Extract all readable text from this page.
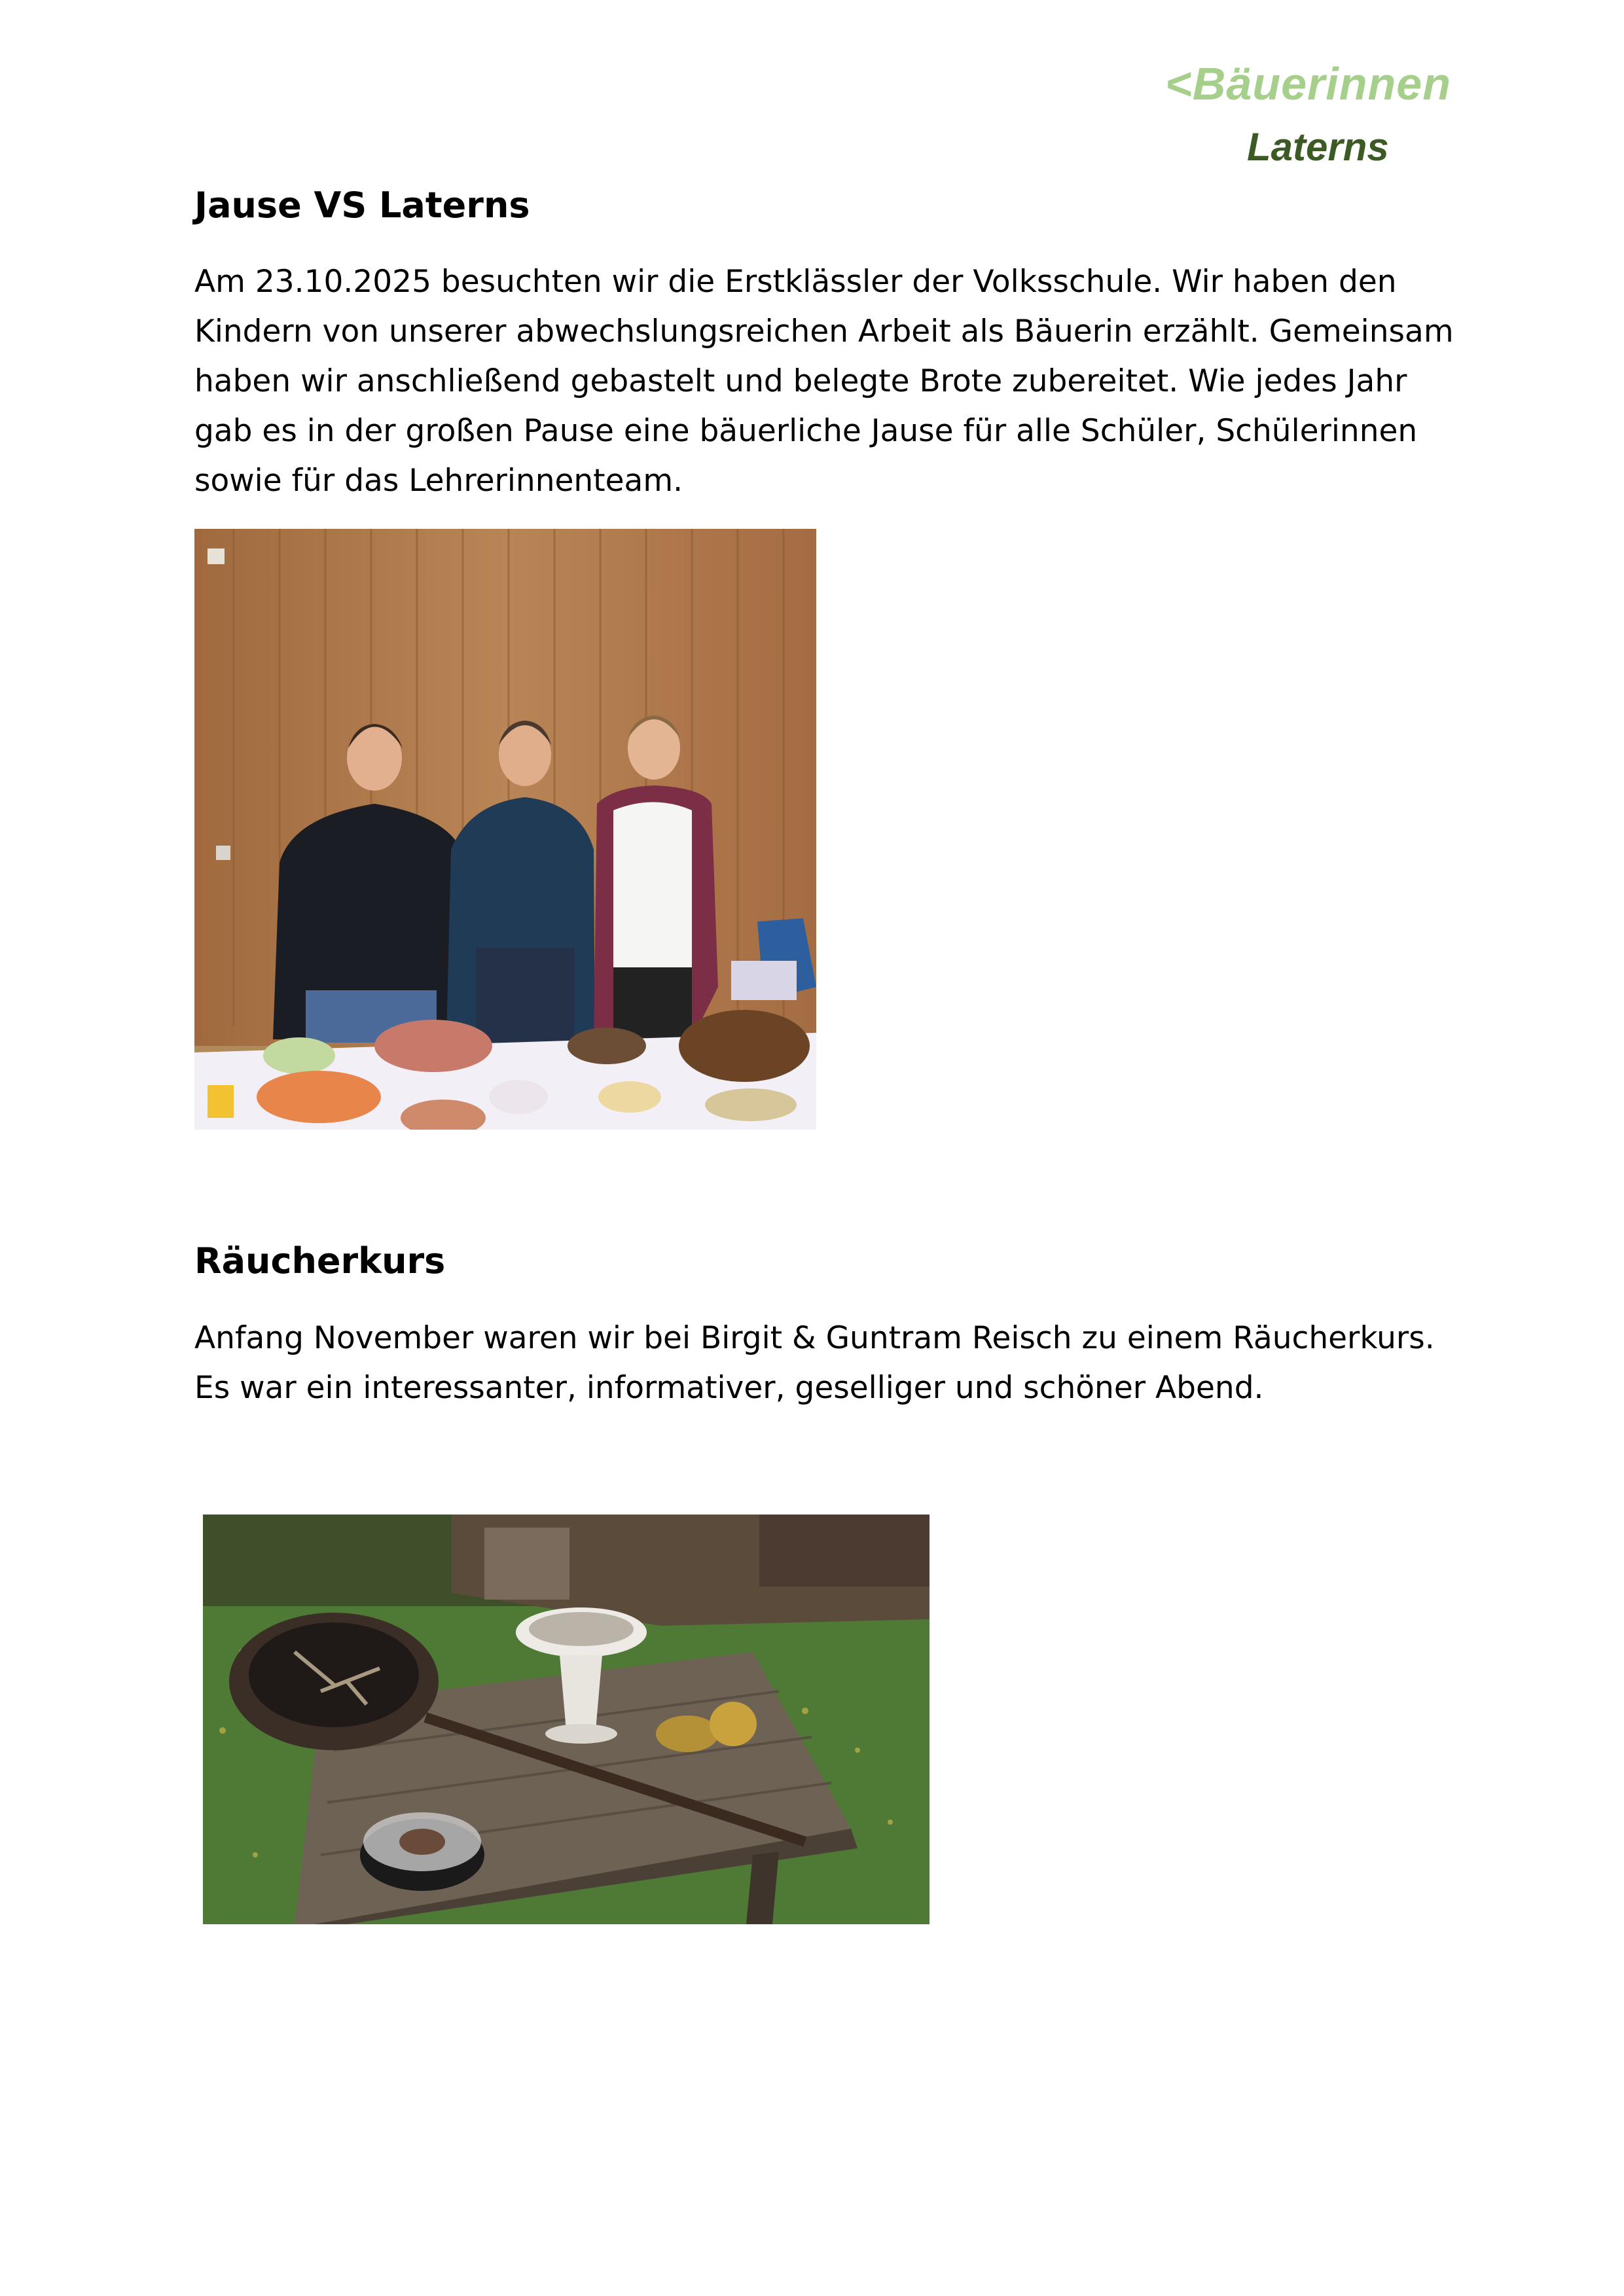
<Bäuerinnen
Laterns
Jause VS Laterns
Am 23.10.2025 besuchten wir die Erstklässler der Volksschule. Wir haben den
Kindern von unserer abwechslungsreichen Arbeit als Bäuerin erzählt. Gemeinsam
haben wir anschließend gebastelt und belegte Brote zubereitet. Wie jedes Jahr
gab es in der großen Pause eine bäuerliche Jause für alle Schüler, Schülerinnen
sowie für das Lehrerinnenteam.
Räucherkurs
Anfang November waren wir bei Birgit & Guntram Reisch zu einem Räucherkurs.
Es war ein interessanter, informativer, geselliger und schöner Abend.
